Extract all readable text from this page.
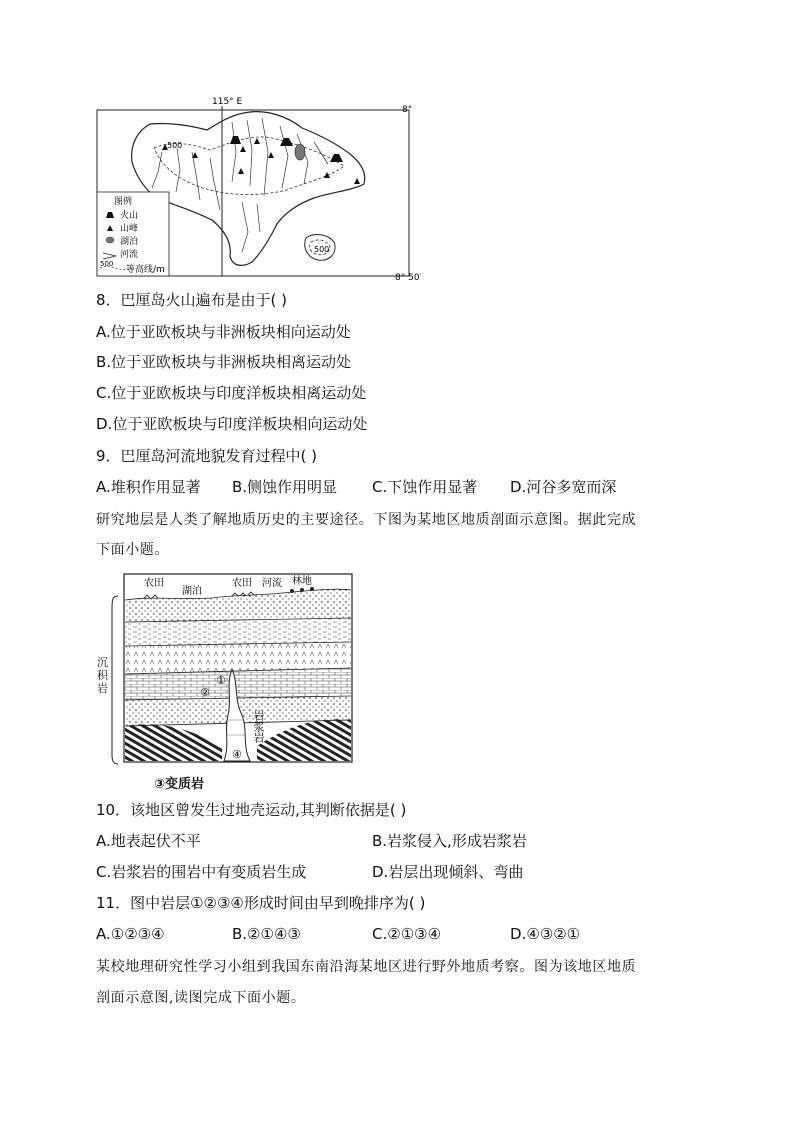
500
500
115° E
8°
8° 50′
图例
火山
山峰
湖泊
河流
500
等高线/m
8．巴厘岛火山遍布是由于( )
A.位于亚欧板块与非洲板块相向运动处
B.位于亚欧板块与非洲板块相离运动处
C.位于亚欧板块与印度洋板块相离运动处
D.位于亚欧板块与印度洋板块相向运动处
9．巴厘岛河流地貌发育过程中( )
A.堆积作用显著 B.侧蚀作用明显 C.下蚀作用显著 D.河谷多宽而深
研究地层是人类了解地质历史的主要途径。下图为某地区地质剖面示意图。据此完成
下面小题。
农田
湖泊
农田 河流 林地
①
②
④
岩浆岩
沉积岩
③变质岩
10．该地区曾发生过地壳运动,其判断依据是( )
A.地表起伏不平	B.岩浆侵入,形成岩浆岩
C.岩浆岩的围岩中有变质岩生成	D.岩层出现倾斜、弯曲
11．图中岩层①②③④形成时间由早到晚排序为( )
A.①②③④	B.②①④③	C.②①③④	D.④③②①
某校地理研究性学习小组到我国东南沿海某地区进行野外地质考察。图为该地区地质
剖面示意图,读图完成下面小题。
